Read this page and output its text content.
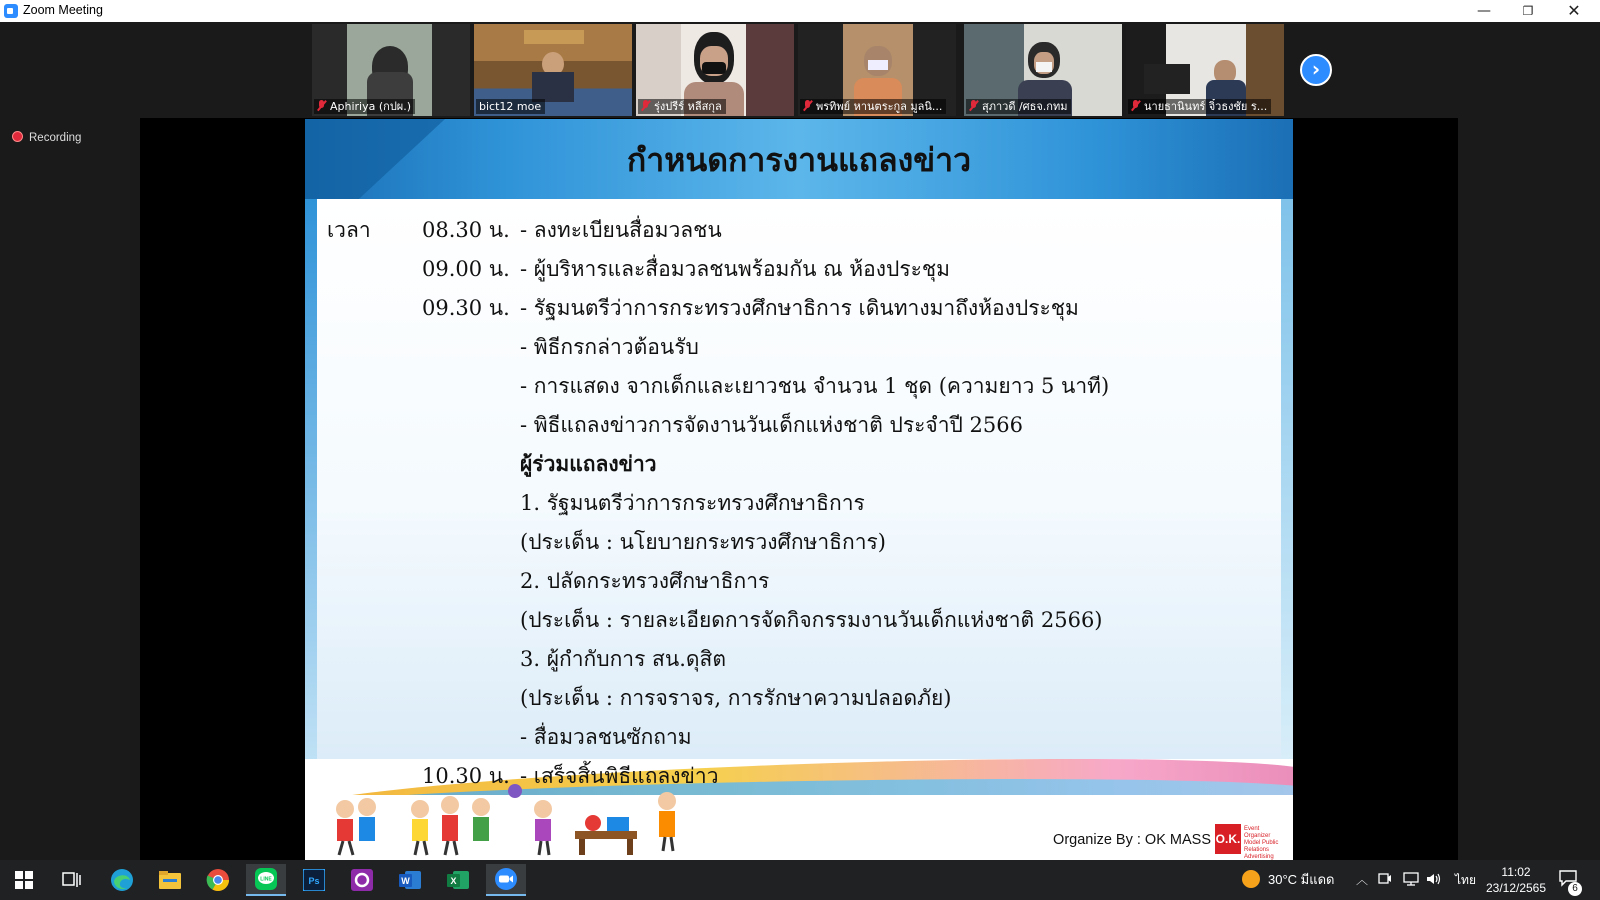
Zoom Meeting	—	❐	✕
Aphiriya (กปผ.)	bict12 moe	รุ่งปรีร์ หลีสกุล	พรทิพย์ หานตระกูล มูลนิ...	สุภาวดี /ศธจ.กทม	นายธานินทร์ จิ๋วธงชัย ร...
›
Recording
กำหนดการงานแถลงข่าว
เวลา 08.30 น. - ลงทะเบียนสื่อมวลชน
09.00 น. - ผู้บริหารและสื่อมวลชนพร้อมกัน ณ ห้องประชุม
09.30 น. - รัฐมนตรีว่าการกระทรวงศึกษาธิการ เดินทางมาถึงห้องประชุม
- พิธีกรกล่าวต้อนรับ
- การแสดง จากเด็กและเยาวชน จำนวน 1 ชุด (ความยาว 5 นาที)
- พิธีแถลงข่าวการจัดงานวันเด็กแห่งชาติ ประจำปี 2566
ผู้ร่วมแถลงข่าว
1. รัฐมนตรีว่าการกระทรวงศึกษาธิการ
(ประเด็น : นโยบายกระทรวงศึกษาธิการ)
2. ปลัดกระทรวงศึกษาธิการ
(ประเด็น : รายละเอียดการจัดกิจกรรมงานวันเด็กแห่งชาติ 2566)
3. ผู้กำกับการ สน.ดุสิต
(ประเด็น : การจราจร, การรักษาความปลอดภัย)
- สื่อมวลชนซักถาม
10.30 น. - เสร็จสิ้นพิธีแถลงข่าว
Organize By : OK MASS O.K.
Event Organizer Model Public Relations Advertising
LINE	Ps	W	X	30°C มีแดด ︿	ไทย
11:02
23/12/2565	6
